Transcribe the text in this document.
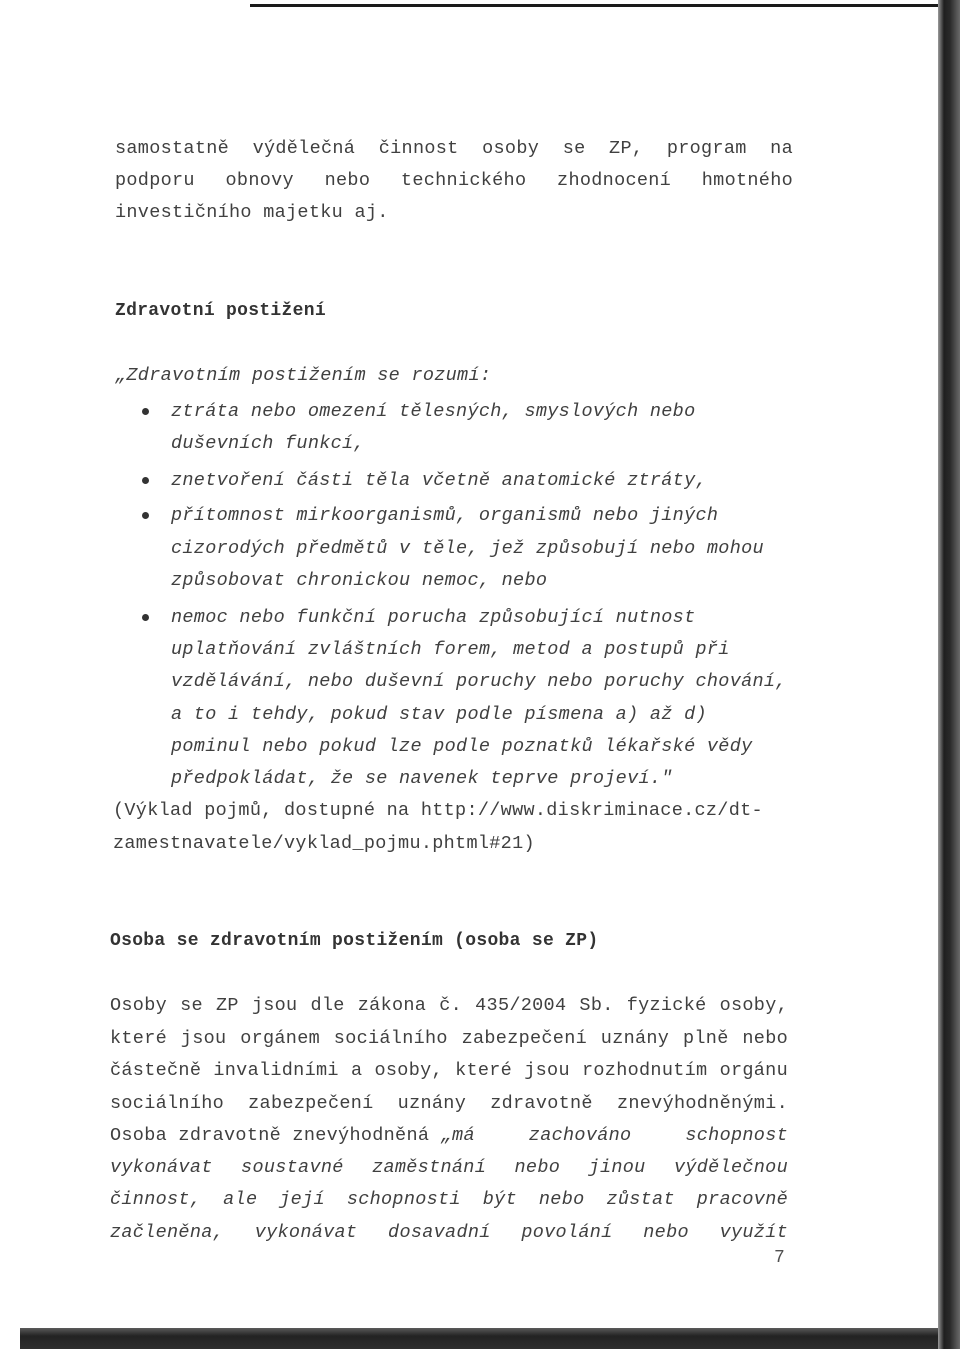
samostatně výdělečná činnost osoby se ZP, program na
podporu obnovy nebo technického zhodnocení hmotného
investičního majetku aj.
Zdravotní postižení
„Zdravotním postižením se rozumí:
ztráta nebo omezení tělesných, smyslových nebo
duševních funkcí,
znetvoření části těla včetně anatomické ztráty,
přítomnost mirkoorganismů, organismů nebo jiných
cizorodých předmětů v těle, jež způsobují nebo mohou
způsobovat chronickou nemoc, nebo
nemoc nebo funkční porucha způsobující nutnost
uplatňování zvláštních forem, metod a postupů při
vzdělávání, nebo duševní poruchy nebo poruchy chování,
a to i tehdy, pokud stav podle písmena a) až d)
pominul nebo pokud lze podle poznatků lékařské vědy
předpokládat, že se navenek teprve projeví."
(Výklad pojmů, dostupné na http://www.diskriminace.cz/dt-
zamestnavatele/vyklad_pojmu.phtml#21)
Osoba se zdravotním postižením (osoba se ZP)
Osoby se ZP jsou dle zákona č. 435/2004 Sb. fyzické osoby,
které jsou orgánem sociálního zabezpečení uznány plně nebo
částečně invalidními a osoby, které jsou rozhodnutím orgánu
sociálního zabezpečení uznány zdravotně znevýhodněnými.
Osoba zdravotně znevýhodněná „má zachováno schopnost
vykonávat soustavné zaměstnání nebo jinou výdělečnou
činnost, ale její schopnosti být nebo zůstat pracovně
začleněna, vykonávat dosavadní povolání nebo využít
7
